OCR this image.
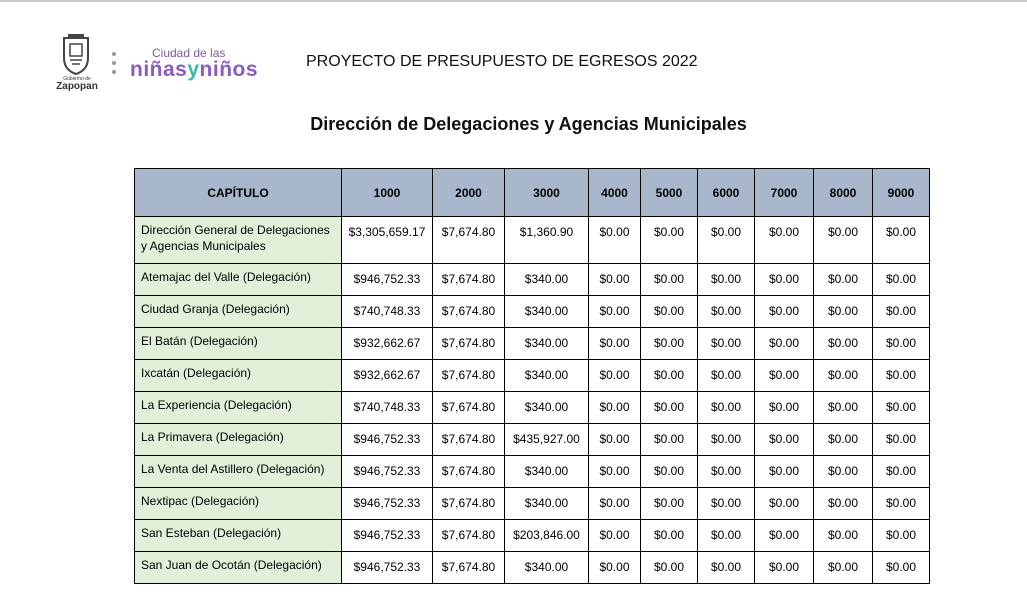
Gobierno de
Zapopan
Ciudad de las
niñasyniños	PROYECTO DE PRESUPUESTO DE EGRESOS 2022
Dirección de Delegaciones y Agencias Municipales
CAPÍTULO	1000	2000	3000	4000	5000	6000	7000	8000	9000
Dirección General de Delegaciones y Agencias Municipales	$3,305,659.17	$7,674.80	$1,360.90	$0.00	$0.00	$0.00	$0.00	$0.00	$0.00
Atemajac del Valle (Delegación)	$946,752.33	$7,674.80	$340.00	$0.00	$0.00	$0.00	$0.00	$0.00	$0.00
Ciudad Granja (Delegación)	$740,748.33	$7,674.80	$340.00	$0.00	$0.00	$0.00	$0.00	$0.00	$0.00
El Batán (Delegación)	$932,662.67	$7,674.80	$340.00	$0.00	$0.00	$0.00	$0.00	$0.00	$0.00
Ixcatán (Delegación)	$932,662.67	$7,674.80	$340.00	$0.00	$0.00	$0.00	$0.00	$0.00	$0.00
La Experiencia (Delegación)	$740,748.33	$7,674.80	$340.00	$0.00	$0.00	$0.00	$0.00	$0.00	$0.00
La Primavera (Delegación)	$946,752.33	$7,674.80	$435,927.00	$0.00	$0.00	$0.00	$0.00	$0.00	$0.00
La Venta del Astillero (Delegación)	$946,752.33	$7,674.80	$340.00	$0.00	$0.00	$0.00	$0.00	$0.00	$0.00
Nextipac (Delegación)	$946,752.33	$7,674.80	$340.00	$0.00	$0.00	$0.00	$0.00	$0.00	$0.00
San Esteban (Delegación)	$946,752.33	$7,674.80	$203,846.00	$0.00	$0.00	$0.00	$0.00	$0.00	$0.00
San Juan de Ocotán (Delegación)	$946,752.33	$7,674.80	$340.00	$0.00	$0.00	$0.00	$0.00	$0.00	$0.00
